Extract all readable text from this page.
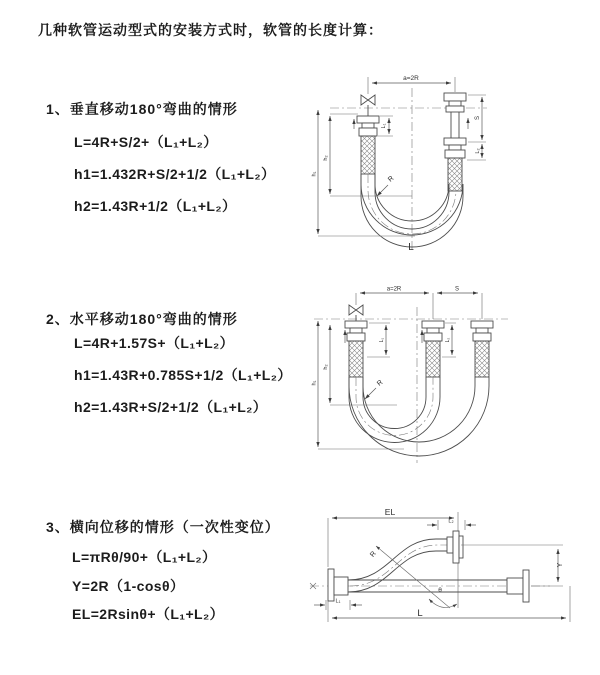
几种软管运动型式的安装方式时，软管的长度计算：
1、垂直移动180°弯曲的情形
L=4R+S/2+（L₁+L₂）
h1=1.432R+S/2+1/2（L₁+L₂）
h2=1.43R+1/2（L₁+L₂）
2、水平移动180°弯曲的情形
L=4R+1.57S+（L₁+L₂）
h1=1.43R+0.785S+1/2（L₁+L₂）
h2=1.43R+S/2+1/2（L₁+L₂）
3、横向位移的情形（一次性变位）
L=πRθ/90+（L₁+L₂）
Y=2R（1-cosθ）
EL=2Rsinθ+（L₁+L₂）
a=2R
L₁
S
L₂
R
h₁
h₂
L
a=2R	S
L₁	L₂
R
h₁
h₂
EL
L₂
R
θ
Y
L₁
L
